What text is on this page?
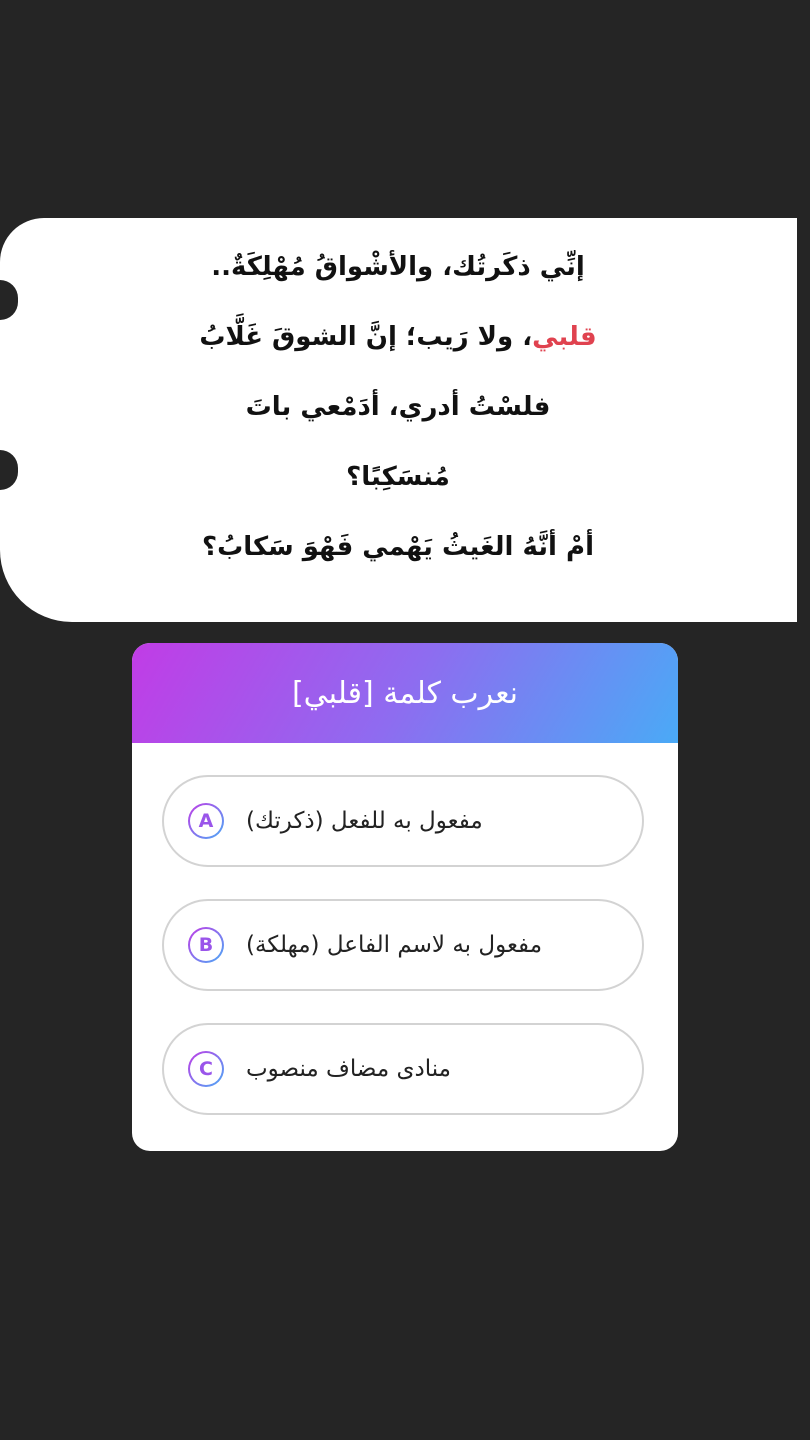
إنِّي ذكَرتُك، والأشْواقُ مُهْلِكَةٌ..
قلبي، ولا رَيب؛ إنَّ الشوقَ غَلَّابُ
فلسْتُ أدري، أدَمْعي باتَ
مُنسَكِبًا؟
أمْ أنَّهُ الغَيثُ يَهْمي فَهْوَ سَكابُ؟
نعرب كلمة [قلبي]
A	مفعول به للفعل (ذكرتك)
B	مفعول به لاسم الفاعل (مهلكة)
C	منادى مضاف منصوب
